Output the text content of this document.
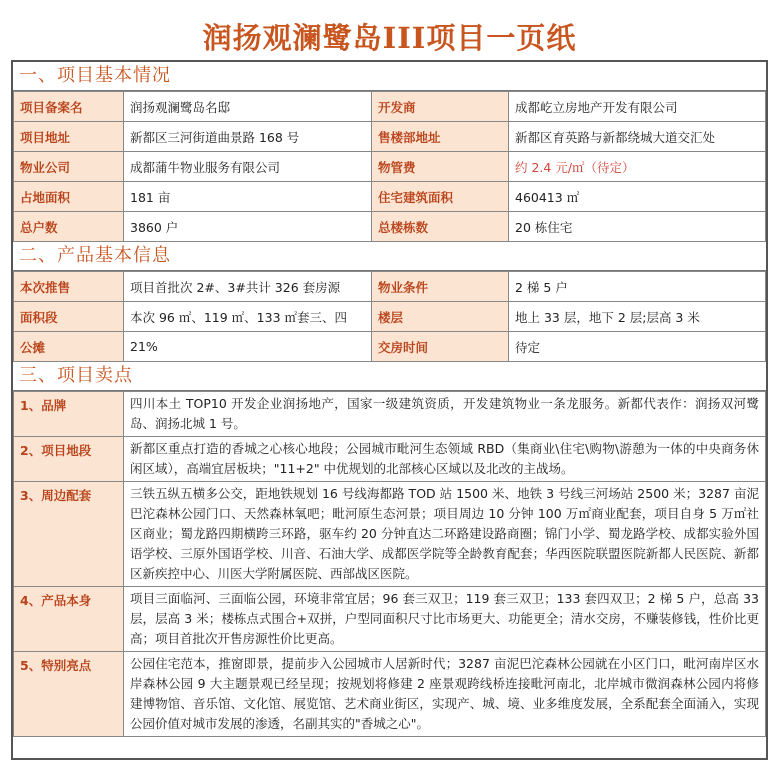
润扬观澜鹭岛III项目一页纸
一、项目基本情况
项目备案名	润扬观澜鹭岛名邸	开发商	成都屹立房地产开发有限公司
项目地址	新都区三河街道曲景路 168 号	售楼部地址	新都区育英路与新都绕城大道交汇处
物业公司	成都蒲牛物业服务有限公司	物管费	约 2.4 元/㎡（待定）
占地面积	181 亩	住宅建筑面积	460413 ㎡
总户数	3860 户	总楼栋数	20 栋住宅
二、产品基本信息
本次推售	项目首批次 2#、3#共计 326 套房源	物业条件	2 梯 5 户
面积段	本次 96 ㎡、119 ㎡、133 ㎡套三、四	楼层	地上 33 层，地下 2 层;层高 3 米
公摊	21%	交房时间	待定
三、项目卖点
1、品牌	四川本土 TOP10 开发企业润扬地产，国家一级建筑资质，开发建筑物业一条龙服务。新都代表作：润扬双河鹭岛、润扬北城 1 号。
2、项目地段	新都区重点打造的香城之心核心地段；公园城市毗河生态领域 RBD（集商业\住宅\购物\游憩为一体的中央商务休闲区域），高端宜居板块；"11+2" 中优规划的北部核心区域以及北改的主战场。
3、周边配套	三铁五纵五横多公交，距地铁规划 16 号线海都路 TOD 站 1500 米、地铁 3 号线三河场站 2500 米；3287 亩泥巴沱森林公园门口、天然森林氧吧；毗河原生态河景；项目周边 10 分钟 100 万㎡商业配套，项目自身 5 万㎡社区商业；蜀龙路四期横跨三环路，驱车约 20 分钟直达二环路建设路商圈；锦门小学、蜀龙路学校、成都实验外国语学校、三原外国语学校、川音、石油大学、成都医学院等全龄教育配套；华西医院联盟医院新都人民医院、新都区新疾控中心、川医大学附属医院、西部战区医院。
4、产品本身	项目三面临河、三面临公园，环境非常宜居；96 套三双卫；119 套三双卫；133 套四双卫；2 梯 5 户，总高 33 层，层高 3 米；楼栋点式围合+双拼，户型同面积尺寸比市场更大、功能更全；清水交房，不赚装修钱，性价比更高；项目首批次开售房源性价比更高。
5、特别亮点	公园住宅范本，推窗即景，提前步入公园城市人居新时代；3287 亩泥巴沱森林公园就在小区门口，毗河南岸区水岸森林公园 9 大主题景观已经呈现；按规划将修建 2 座景观跨线桥连接毗河南北，北岸城市微润森林公园内将修建博物馆、音乐馆、文化馆、展览馆、艺术商业街区，实现产、城、境、业多维度发展，全系配套全面涌入，实现公园价值对城市发展的渗透，名副其实的"香城之心"。
